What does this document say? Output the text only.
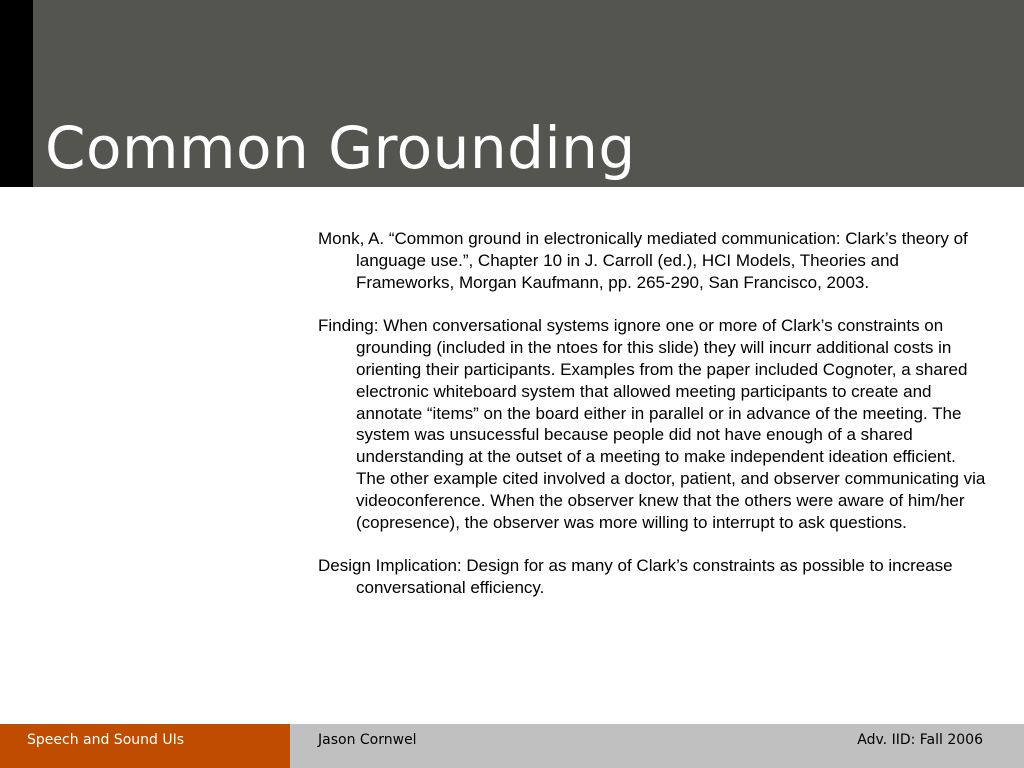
Common Grounding

Monk, A. “Common ground in electronically mediated communication: Clark’s theory of language use.”, Chapter 10 in J. Carroll (ed.), HCI Models, Theories and Frameworks, Morgan Kaufmann, pp. 265-290, San Francisco, 2003.

Finding: When conversational systems ignore one or more of Clark’s constraints on grounding (included in the ntoes for this slide) they will incurr additional costs in orienting their participants. Examples from the paper included Cognoter, a shared electronic whiteboard system that allowed meeting participants to create and annotate “items” on the board either in parallel or in advance of the meeting. The system was unsucessful because people did not have enough of a shared understanding at the outset of a meeting to make independent ideation efficient. The other example cited involved a doctor, patient, and observer communicating via videoconference. When the observer knew that the others were aware of him/her (copresence), the observer was more willing to interrupt to ask questions.

Design Implication: Design for as many of Clark’s constraints as possible to increase conversational efficiency.

Speech and Sound UIs	Jason Cornwel	Adv. IID: Fall 2006
